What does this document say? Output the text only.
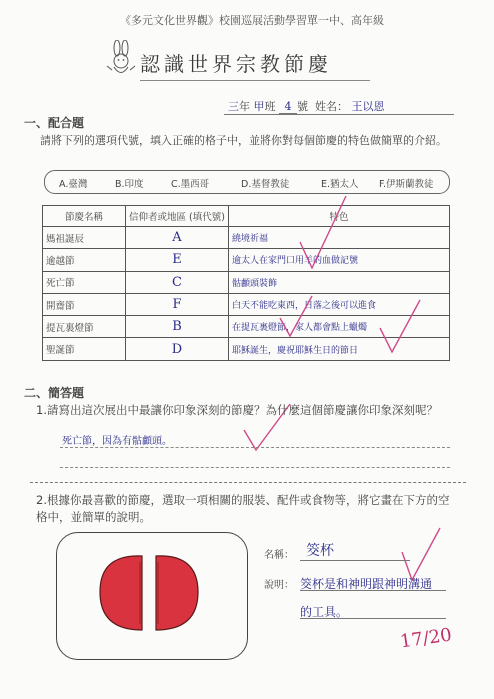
《多元文化世界觀》校園巡展活動學習單一中、高年級
認識世界宗教節慶
三年 甲班 4 號 姓名： 王以恩
一、配合題
請將下列的選項代號，填入正確的格子中，並將你對每個節慶的特色做簡單的介紹。
A.臺灣	B.印度	C.墨西哥	D.基督教徒	E.猶太人 F.伊斯蘭教徒
節慶名稱	信仰者或地區 (填代號)	特色
媽祖誕辰	A	繞境祈福
逾越節	E	逾太人在家門口用羊的血做記號
死亡節	C	骷顱頭裝飾
開齋節	F	白天不能吃東西，日落之後可以進食
提瓦裏燈節	B	在提瓦裏燈節，家人都會點上蠟燭
聖誕節	D	耶穌誕生，慶祝耶穌生日的節日
二、簡答題
1.請寫出這次展出中最讓你印象深刻的節慶？為什麼這個節慶讓你印象深刻呢？
死亡節，因為有骷顱頭。
2.根據你最喜歡的節慶，選取一項相關的服裝、配件或食物等，將它畫在下方的空格中，並簡單的說明。
名稱： 筊杯
說明： 筊杯是和神明跟神明溝通的工具。
17/20
